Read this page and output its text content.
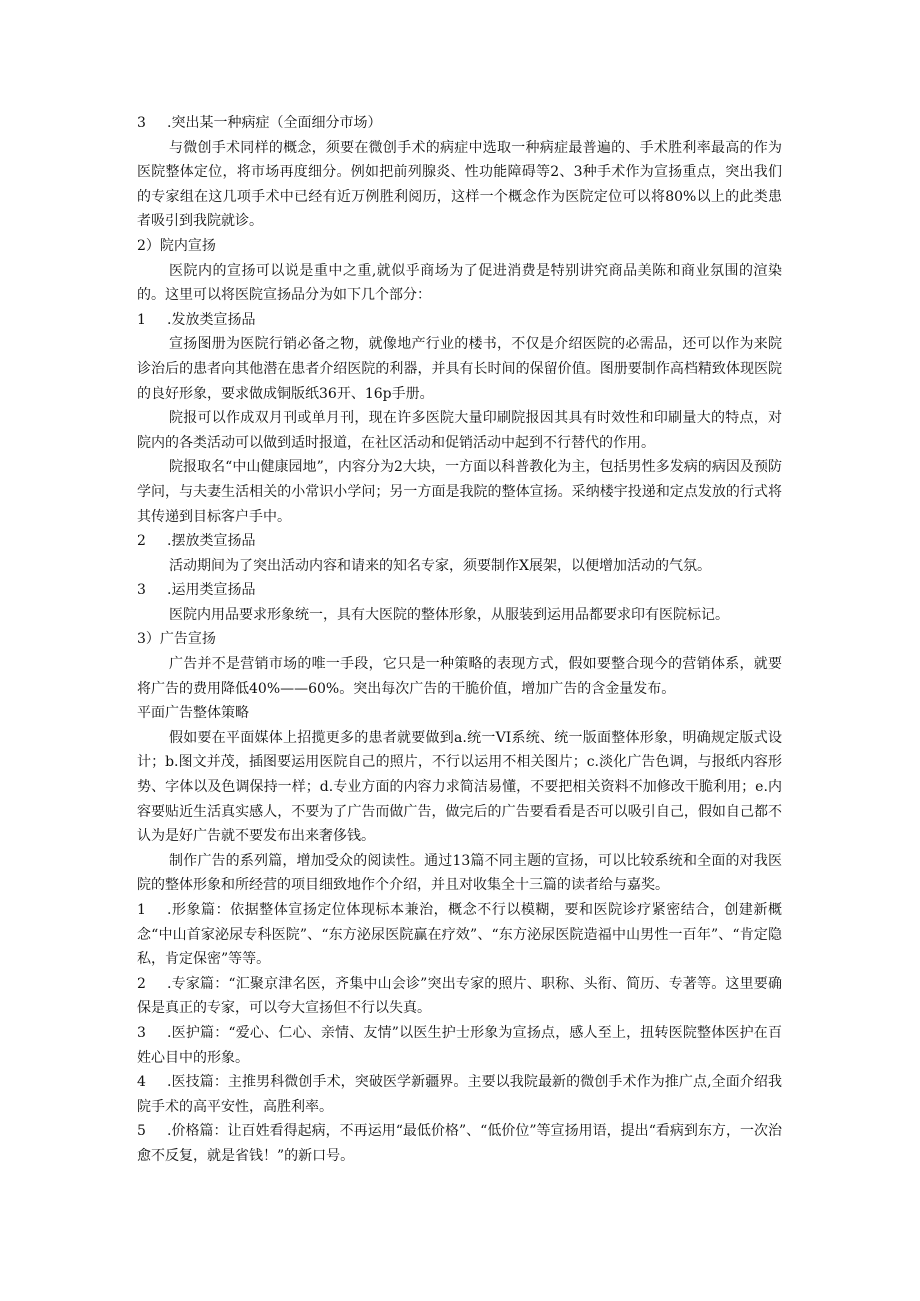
3 .突出某一种病症（全面细分市场）

与微创手术同样的概念，须要在微创手术的病症中选取一种病症最普遍的、手术胜利率最高的作为医院整体定位，将市场再度细分。例如把前列腺炎、性功能障碍等2、3种手术作为宣扬重点，突出我们的专家组在这几项手术中已经有近万例胜利阅历，这样一个概念作为医院定位可以将80%以上的此类患者吸引到我院就诊。

2）院内宣扬

医院内的宣扬可以说是重中之重,就似乎商场为了促进消费是特别讲究商品美陈和商业氛围的渲染的。这里可以将医院宣扬品分为如下几个部分：

1 .发放类宣扬品

宣扬图册为医院行销必备之物，就像地产行业的楼书，不仅是介绍医院的必需品，还可以作为来院诊治后的患者向其他潜在患者介绍医院的利器，并具有长时间的保留价值。图册要制作高档精致体现医院的良好形象，要求做成铜版纸36开、16p手册。

院报可以作成双月刊或单月刊，现在许多医院大量印刷院报因其具有时效性和印刷量大的特点，对院内的各类活动可以做到适时报道，在社区活动和促销活动中起到不行替代的作用。

院报取名“中山健康园地”，内容分为2大块，一方面以科普教化为主，包括男性多发病的病因及预防学问，与夫妻生活相关的小常识小学问；另一方面是我院的整体宣扬。采纳楼宇投递和定点发放的行式将其传递到目标客户手中。

2 .摆放类宣扬品

活动期间为了突出活动内容和请来的知名专家，须要制作X展架，以便增加活动的气氛。

3 .运用类宣扬品

医院内用品要求形象统一，具有大医院的整体形象，从服装到运用品都要求印有医院标记。

3）广告宣扬

广告并不是营销市场的唯一手段，它只是一种策略的表现方式，假如要整合现今的营销体系，就要将广告的费用降低40%——60%。突出每次广告的干脆价值，增加广告的含金量发布。

平面广告整体策略

假如要在平面媒体上招揽更多的患者就要做到a.统一VI系统、统一版面整体形象，明确规定版式设计；b.图文并茂，插图要运用医院自己的照片，不行以运用不相关图片；c.淡化广告色调，与报纸内容形势、字体以及色调保持一样；d.专业方面的内容力求简洁易懂，不要把相关资料不加修改干脆利用；e.内容要贴近生活真实感人，不要为了广告而做广告，做完后的广告要看看是否可以吸引自己，假如自己都不认为是好广告就不要发布出来奢侈钱。

制作广告的系列篇，增加受众的阅读性。通过13篇不同主题的宣扬，可以比较系统和全面的对我医院的整体形象和所经营的项目细致地作个介绍，并且对收集全十三篇的读者给与嘉奖。

1 .形象篇：依据整体宣扬定位体现标本兼治，概念不行以模糊，要和医院诊疗紧密结合，创建新概念“中山首家泌尿专科医院”、“东方泌尿医院赢在疗效”、“东方泌尿医院造福中山男性一百年”、“肯定隐私，肯定保密”等等。

2 .专家篇：“汇聚京津名医，齐集中山会诊”突出专家的照片、职称、头衔、简历、专著等。这里要确保是真正的专家，可以夸大宣扬但不行以失真。

3 .医护篇：“爱心、仁心、亲情、友情”以医生护士形象为宣扬点，感人至上，扭转医院整体医护在百姓心目中的形象。

4 .医技篇：主推男科微创手术，突破医学新疆界。主要以我院最新的微创手术作为推广点,全面介绍我院手术的高平安性，高胜利率。

5 .价格篇：让百姓看得起病，不再运用“最低价格”、“低价位”等宣扬用语，提出“看病到东方，一次治愈不反复，就是省钱！”的新口号。
